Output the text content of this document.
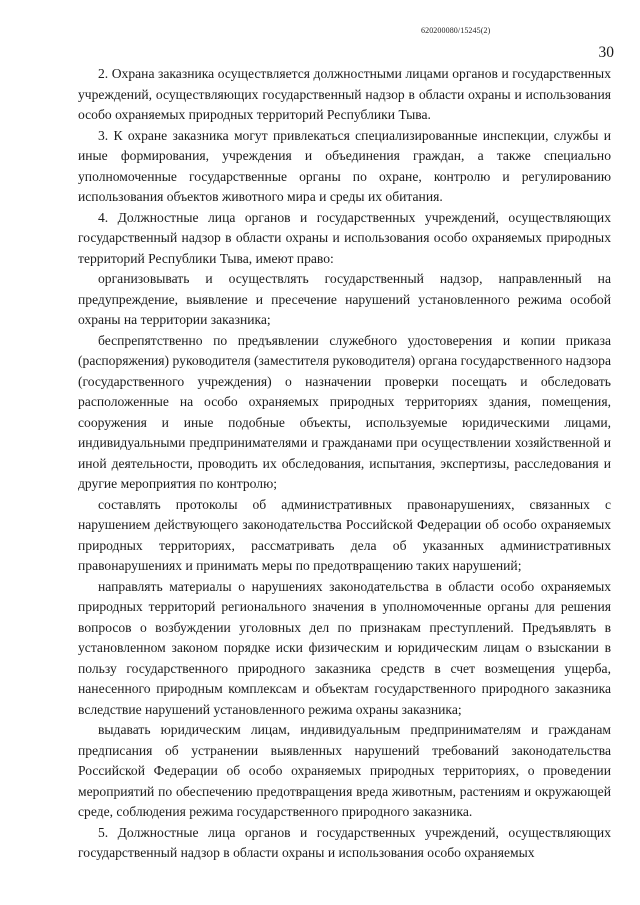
620200080/15245(2)
30

2. Охрана заказника осуществляется должностными лицами органов и государственных учреждений, осуществляющих государственный надзор в области охраны и использования особо охраняемых природных территорий Республики Тыва.

3. К охране заказника могут привлекаться специализированные инспекции, службы и иные формирования, учреждения и объединения граждан, а также специально уполномоченные государственные органы по охране, контролю и регулированию использования объектов животного мира и среды их обитания.

4. Должностные лица органов и государственных учреждений, осуществляющих государственный надзор в области охраны и использования особо охраняемых природных территорий Республики Тыва, имеют право:

организовывать и осуществлять государственный надзор, направленный на предупреждение, выявление и пресечение нарушений установленного режима особой охраны на территории заказника;

беспрепятственно по предъявлении служебного удостоверения и копии приказа (распоряжения) руководителя (заместителя руководителя) органа государственного надзора (государственного учреждения) о назначении проверки посещать и обследовать расположенные на особо охраняемых природных территориях здания, помещения, сооружения и иные подобные объекты, используемые юридическими лицами, индивидуальными предпринимателями и гражданами при осуществлении хозяйственной и иной деятельности, проводить их обследования, испытания, экспертизы, расследования и другие мероприятия по контролю;

составлять протоколы об административных правонарушениях, связанных с нарушением действующего законодательства Российской Федерации об особо охраняемых природных территориях, рассматривать дела об указанных административных правонарушениях и принимать меры по предотвращению таких нарушений;

направлять материалы о нарушениях законодательства в области особо охраняемых природных территорий регионального значения в уполномоченные органы для решения вопросов о возбуждении уголовных дел по признакам преступлений. Предъявлять в установленном законом порядке иски физическим и юридическим лицам о взыскании в пользу государственного природного заказника средств в счет возмещения ущерба, нанесенного природным комплексам и объектам государственного природного заказника вследствие нарушений установленного режима охраны заказника;

выдавать юридическим лицам, индивидуальным предпринимателям и гражданам предписания об устранении выявленных нарушений требований законодательства Российской Федерации об особо охраняемых природных территориях, о проведении мероприятий по обеспечению предотвращения вреда животным, растениям и окружающей среде, соблюдения режима государственного природного заказника.

5. Должностные лица органов и государственных учреждений, осуществляющих государственный надзор в области охраны и использования особо охраняемых
